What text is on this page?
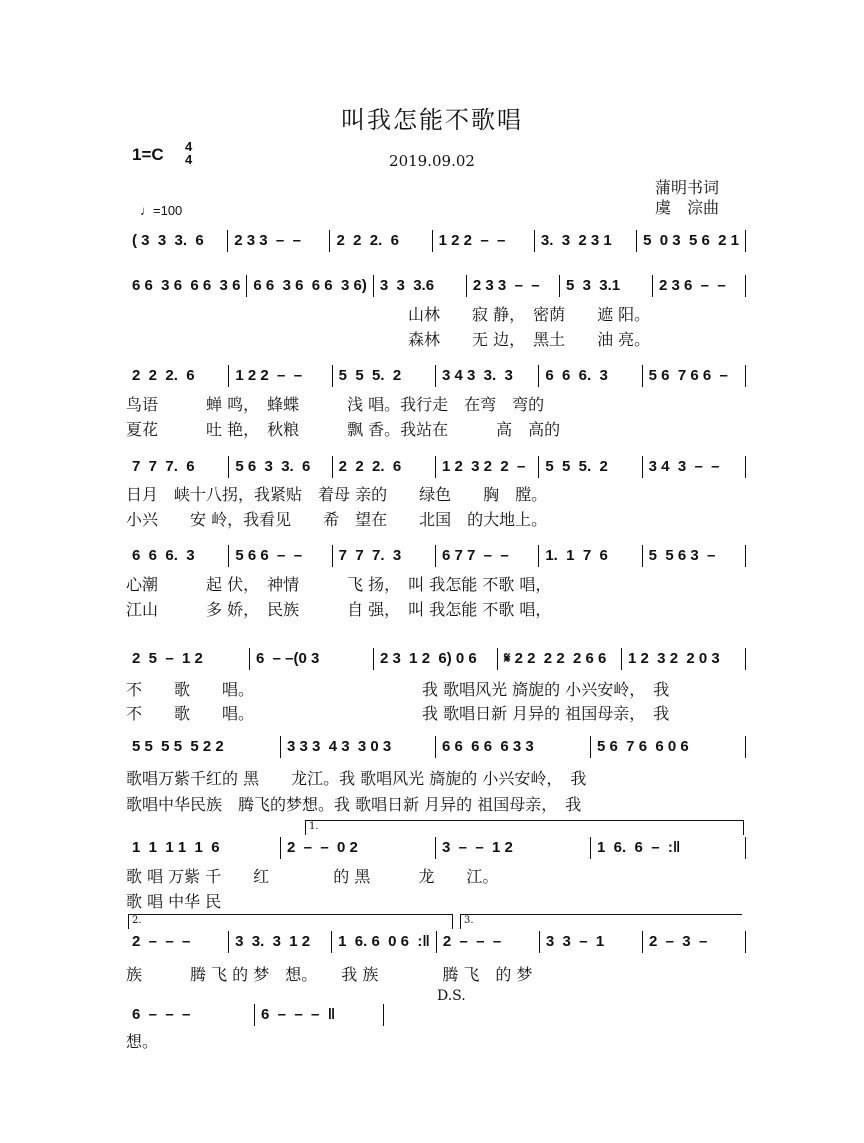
叫我怎能不歌唱
1=C 4
4	2019.09.02
蒲明书词
虞　淙曲
♩=100
( 3  3  3.  6	2 3 3  –  –	2  2  2.  6	1 2 2  –  –	3.  3  2 3 1	5  0 3  5 6  2 1
6 6  3 6  6 6  3 6 6 6  3 6  6 6  3 6) 3  3  3.6	2 3 3  –  –	5  3  3.1	2 3 6  –  –
2  2  2.  6	1 2 2  –  –	5  5  5.  2	3 4 3  3.  3	6  6  6.  3	5 6  7 6 6  –
7  7  7.  6	5 6  3  3.  6	2  2  2.  6	1 2  3 2  2  –	5  5  5.  2	3 4  3  –  –
6  6  6.  3	5 6 6  –  –	7  7  7.  3	6 7 7  –  –	1.  1  7  6	5  5 6 3  –
2  5  –  1 2	6  – –(0 3	2 3  1 2  6) 0 6	𝄋 2 2  2 2  2 6 6	1 2  3 2  2 0 3
5 5  5 5  5 2 2	3 3 3  4 3  3 0 3	6 6  6 6  6 3 3	5 6  7 6  6 0 6
1  1  1 1  1  6	2  –  –  0 2	3  –  –  1 2	1  6.  6  –  :‖
2  –  –  –	3  3.  3  1 2	1  6. 6  0 6  :‖ 2  –  –  –	3  3  –  1	2  –  3  –
6  –  –  –	6  –  –  –  ‖
山林　　寂 静，　密荫　　遮 阳。
森林　　无 边，　黑土　　油 亮。
鸟语　　　蝉 鸣，　蜂蝶　　　浅 唱。我行走　在弯　弯的
夏花　　　吐 艳，　秋粮　　　飘 香。我站在　　　高　高的
日月　峡十八拐，我紧贴　着母 亲的　　绿色　　胸　膛。
小兴　　安 岭，我看见　　希　望在　　北国　的大地上。
心潮　　　起 伏，　神情　　　飞 扬，　叫 我怎能 不歌 唱，
江山　　　多 娇，　民族　　　自 强，　叫 我怎能 不歌 唱，
不　　歌　　唱。　　　　　　　　　　　我 歌唱风光 旖旎的 小兴安岭，　我
不　　歌　　唱。　　　　　　　　　　　我 歌唱日新 月异的 祖国母亲，　我
歌唱万紫千红的 黑　　龙江。我 歌唱风光 旖旎的 小兴安岭，　我
歌唱中华民族　腾飞的梦想。我 歌唱日新 月异的 祖国母亲，　我
歌 唱 万紫 千　　红　　　　的 黑　　　龙　　江。
歌 唱 中华 民
族　　　腾 飞 的 梦　想。　　我 族　　　　腾 飞　的 梦
想。
1.
2.	3.
D.S.
